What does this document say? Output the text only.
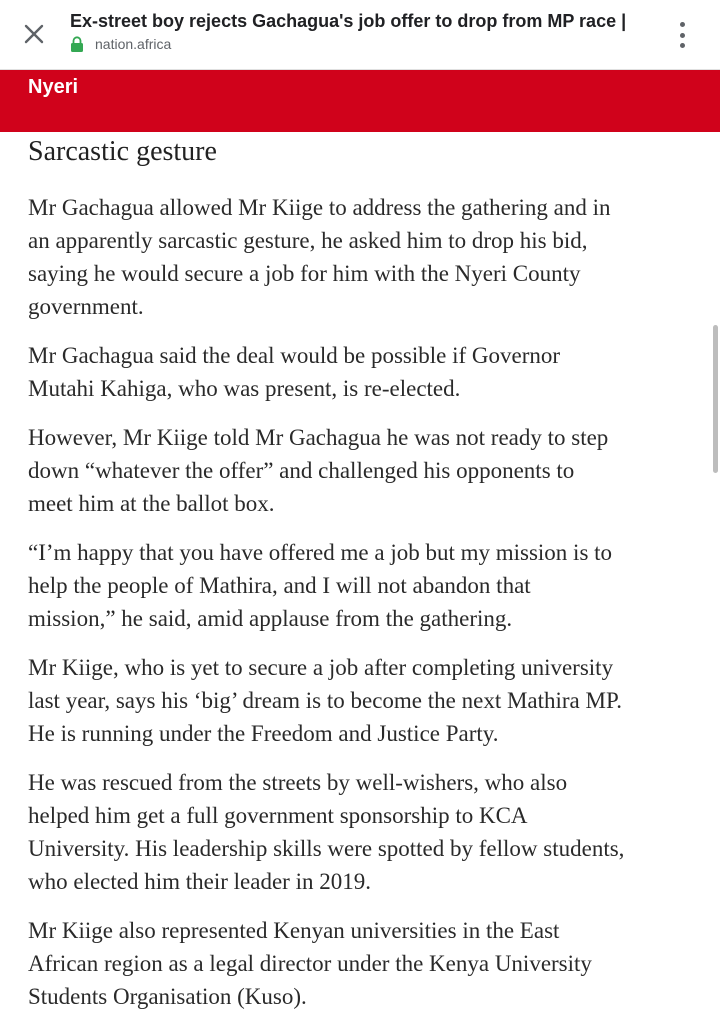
Ex-street boy rejects Gachagua's job offer to drop from MP race |
nation.africa
Nyeri
Sarcastic gesture

Mr Gachagua allowed Mr Kiige to address the gathering and in
an apparently sarcastic gesture, he asked him to drop his bid,
saying he would secure a job for him with the Nyeri County
government.

Mr Gachagua said the deal would be possible if Governor
Mutahi Kahiga, who was present, is re-elected.

However, Mr Kiige told Mr Gachagua he was not ready to step
down “whatever the offer” and challenged his opponents to
meet him at the ballot box.

“I’m happy that you have offered me a job but my mission is to
help the people of Mathira, and I will not abandon that
mission,” he said, amid applause from the gathering.

Mr Kiige, who is yet to secure a job after completing university
last year, says his ‘big’ dream is to become the next Mathira MP.
He is running under the Freedom and Justice Party.

He was rescued from the streets by well-wishers, who also
helped him get a full government sponsorship to KCA
University. His leadership skills were spotted by fellow students,
who elected him their leader in 2019.

Mr Kiige also represented Kenyan universities in the East
African region as a legal director under the Kenya University
Students Organisation (Kuso).
